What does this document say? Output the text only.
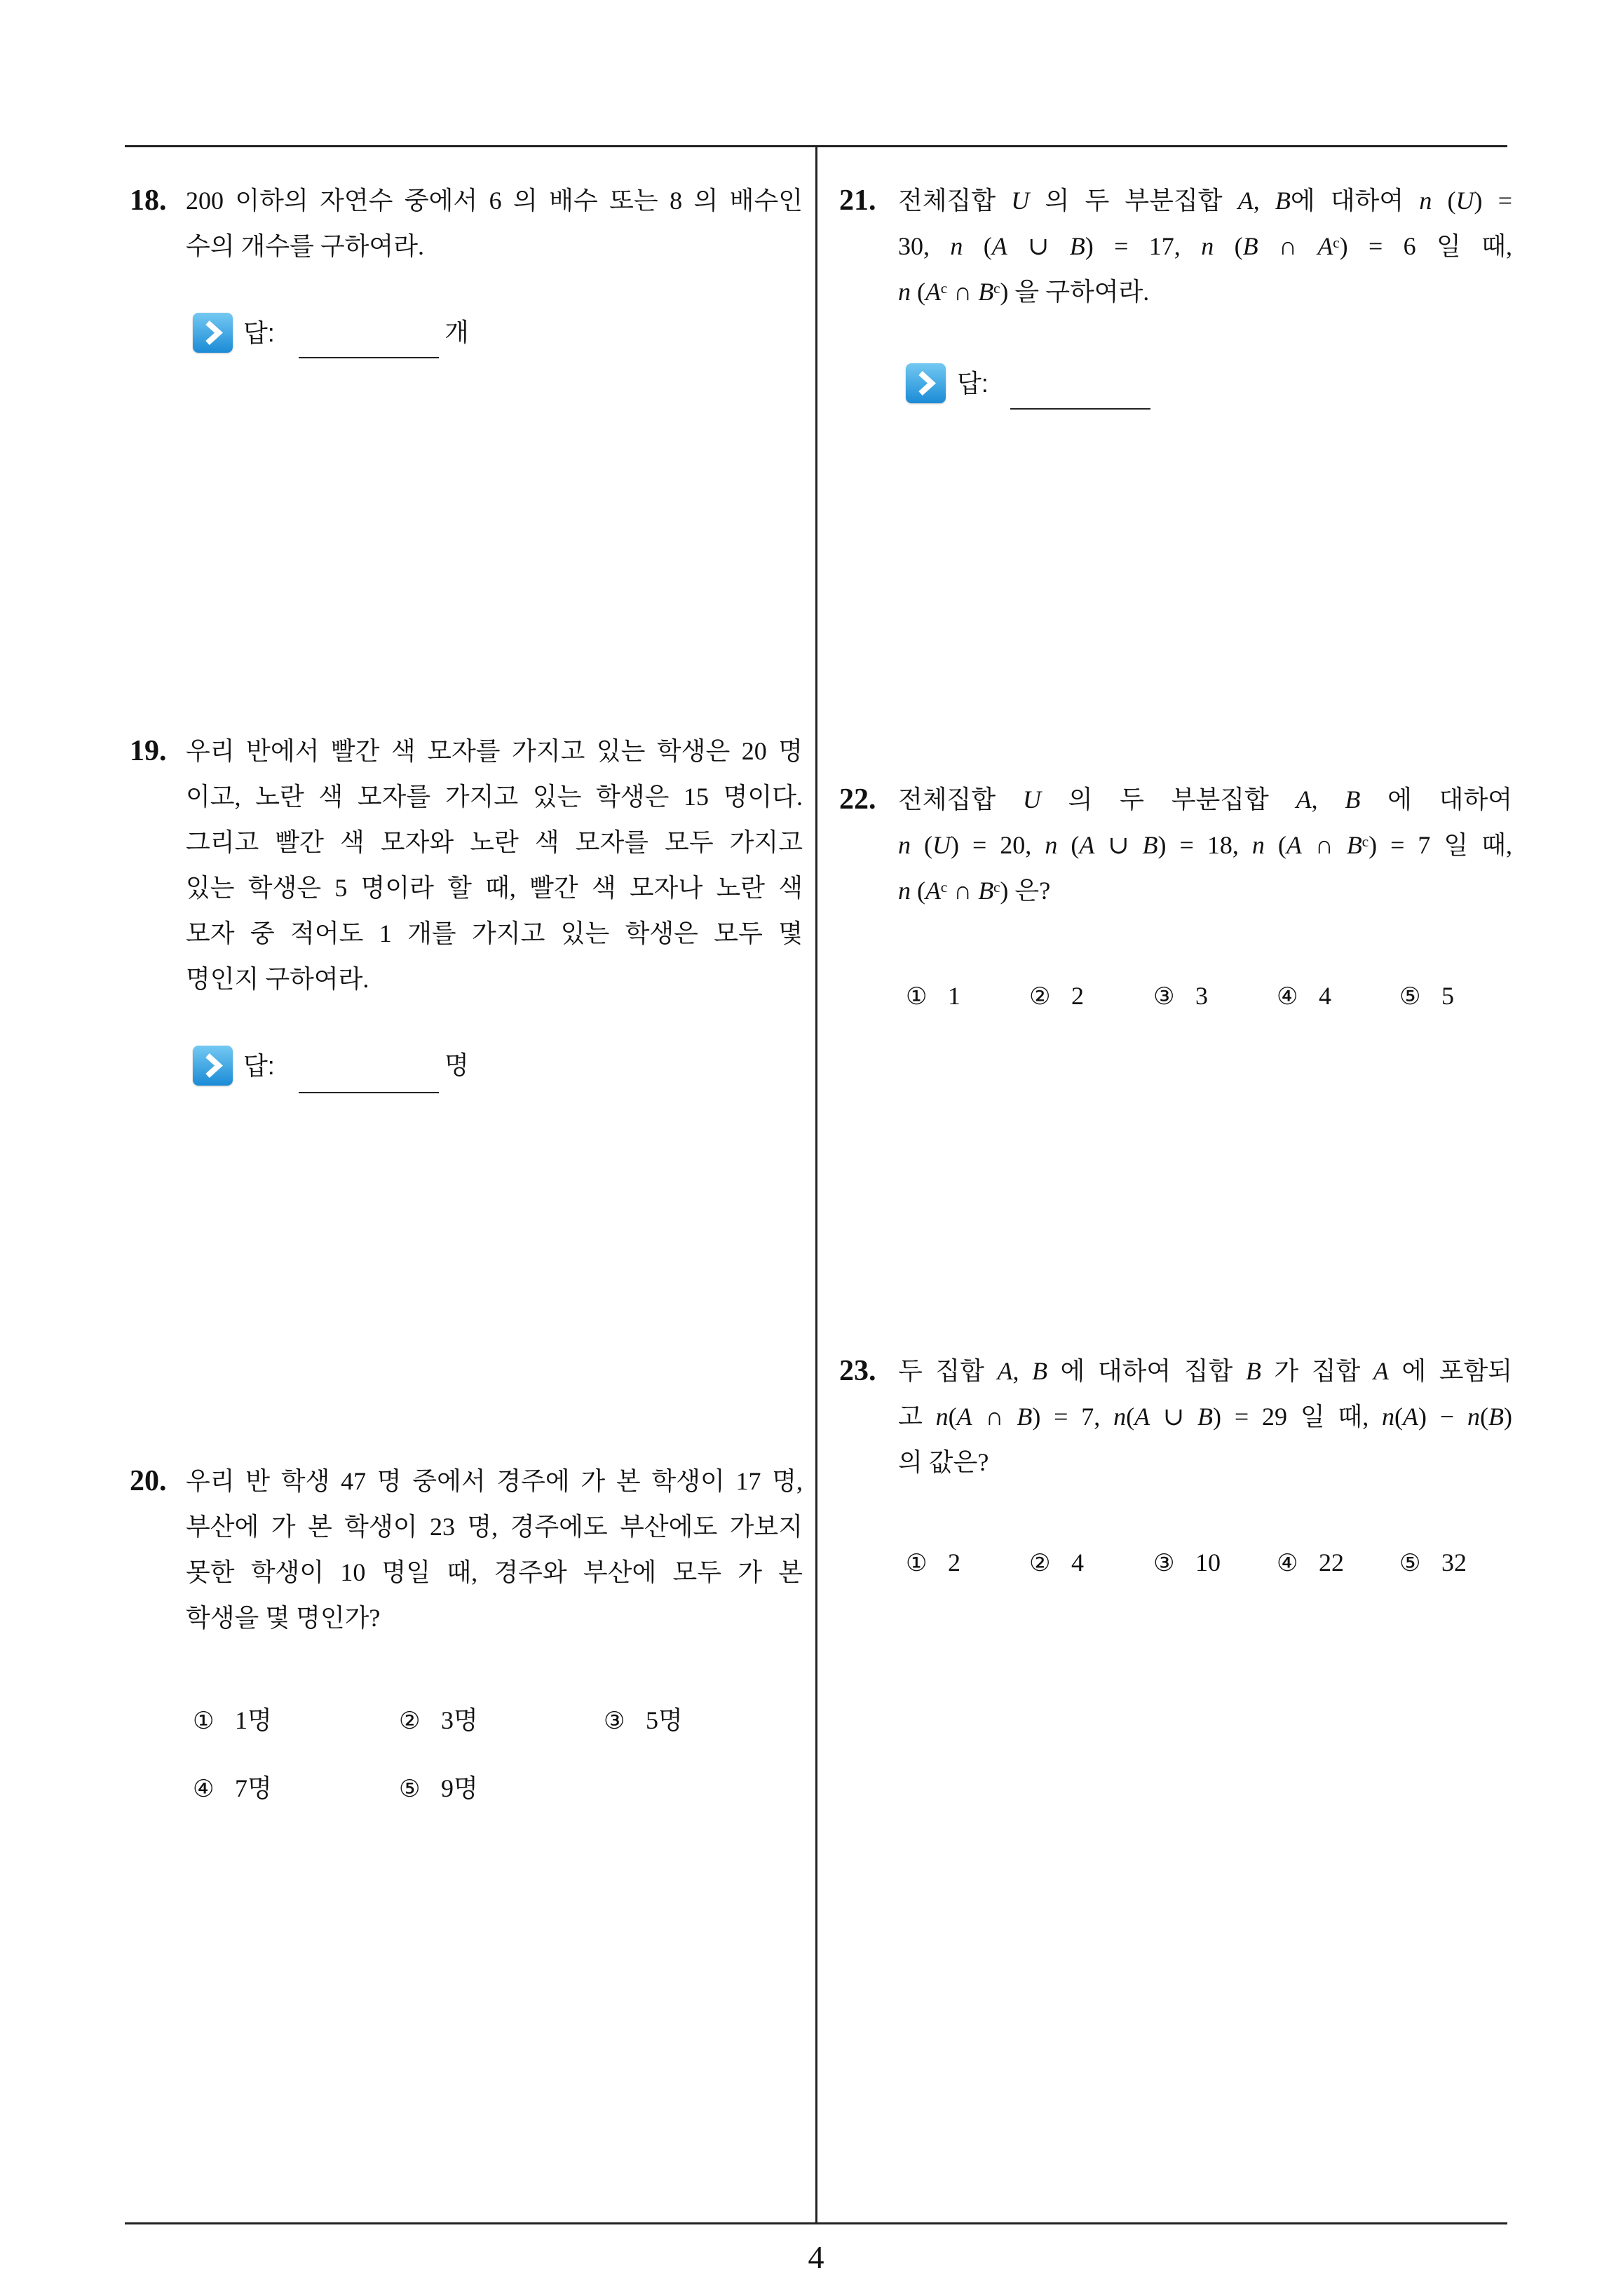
18. 200 이하의 자연수 중에서 6 의 배수 또는 8 의 배수인
수의 개수를 구하여라.
답:	개
19. 우리 반에서 빨간 색 모자를 가지고 있는 학생은 20 명
이고, 노란 색 모자를 가지고 있는 학생은 15 명이다.
그리고 빨간 색 모자와 노란 색 모자를 모두 가지고
있는 학생은 5 명이라 할 때, 빨간 색 모자나 노란 색
모자 중 적어도 1 개를 가지고 있는 학생은 모두 몇
명인지 구하여라.
답:	명
20. 우리 반 학생 47 명 중에서 경주에 가 본 학생이 17 명,
부산에 가 본 학생이 23 명, 경주에도 부산에도 가보지
못한 학생이 10 명일 때, 경주와 부산에 모두 가 본
학생을 몇 명인가?
① 1명	② 3명	③ 5명
④ 7명	⑤ 9명
21. 전체집합 U 의 두 부분집합 A, B에 대하여 n (U) =
30, n (A ∪ B) = 17, n (B ∩ Aᶜ) = 6 일 때,
n (Aᶜ ∩ Bᶜ) 을 구하여라.
답:
22. 전체집합 U 의 두 부분집합 A, B 에 대하여
n (U) = 20, n (A ∪ B) = 18, n (A ∩ Bᶜ) = 7 일 때,
n (Aᶜ ∩ Bᶜ) 은?
① 1	② 2	③ 3	④ 4	⑤ 5
23. 두 집합 A, B 에 대하여 집합 B 가 집합 A 에 포함되
고 n(A ∩ B) = 7, n(A ∪ B) = 29 일 때, n(A) − n(B)
의 값은?
① 2	② 4	③ 10 ④ 22 ⑤ 32
4
